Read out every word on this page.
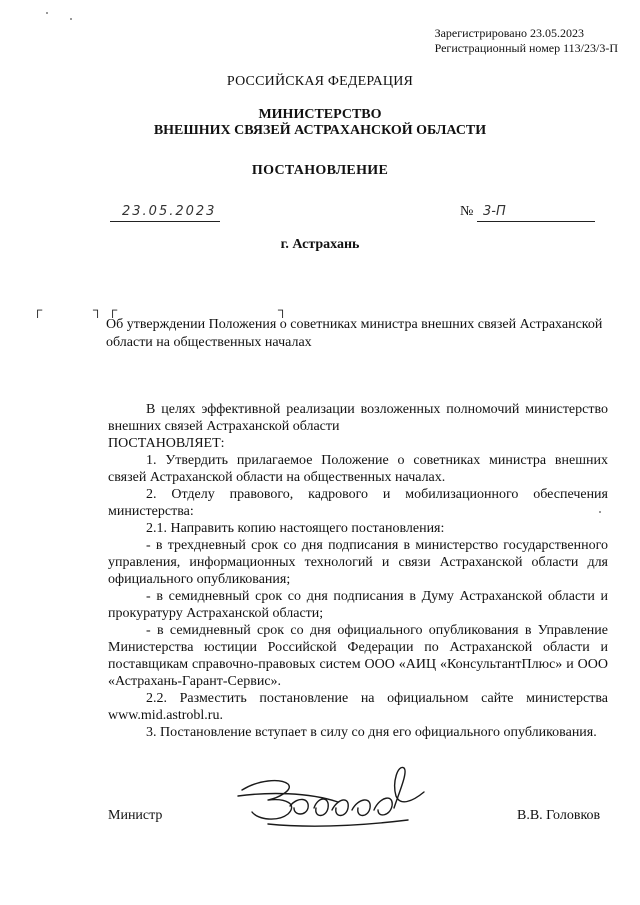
Зарегистрировано 23.05.2023
Регистрационный номер 113/23/3-П
РОССИЙСКАЯ ФЕДЕРАЦИЯ
МИНИСТЕРСТВО
ВНЕШНИХ СВЯЗЕЙ АСТРАХАНСКОЙ ОБЛАСТИ
ПОСТАНОВЛЕНИЕ
23.05.2023	№ 3-П
г. Астрахань
┌	┐ ┌	┐
Об утверждении Положения о советниках министра внешних связей Астраханской области на общественных началах

В целях эффективной реализации возложенных полномочий министерство внешних связей Астраханской области

ПОСТАНОВЛЯЕТ:

1. Утвердить прилагаемое Положение о советниках министра внешних связей Астраханской области на общественных началах.

2. Отделу правового, кадрового и мобилизационного обеспечения министерства:

2.1. Направить копию настоящего постановления:

- в трехдневный срок со дня подписания в министерство государственного управления, информационных технологий и связи Астраханской области для официального опубликования;

- в семидневный срок со дня подписания в Думу Астраханской области и прокуратуру Астраханской области;

- в семидневный срок со дня официального опубликования в Управление Министерства юстиции Российской Федерации по Астраханской области и поставщикам справочно-правовых систем ООО «АИЦ «КонсультантПлюс» и ООО «Астрахань-Гарант-Сервис».

2.2. Разместить постановление на официальном сайте министерства www.mid.astrobl.ru.

3. Постановление вступает в силу со дня его официального опубликования.

Министр	В.В. Головков
